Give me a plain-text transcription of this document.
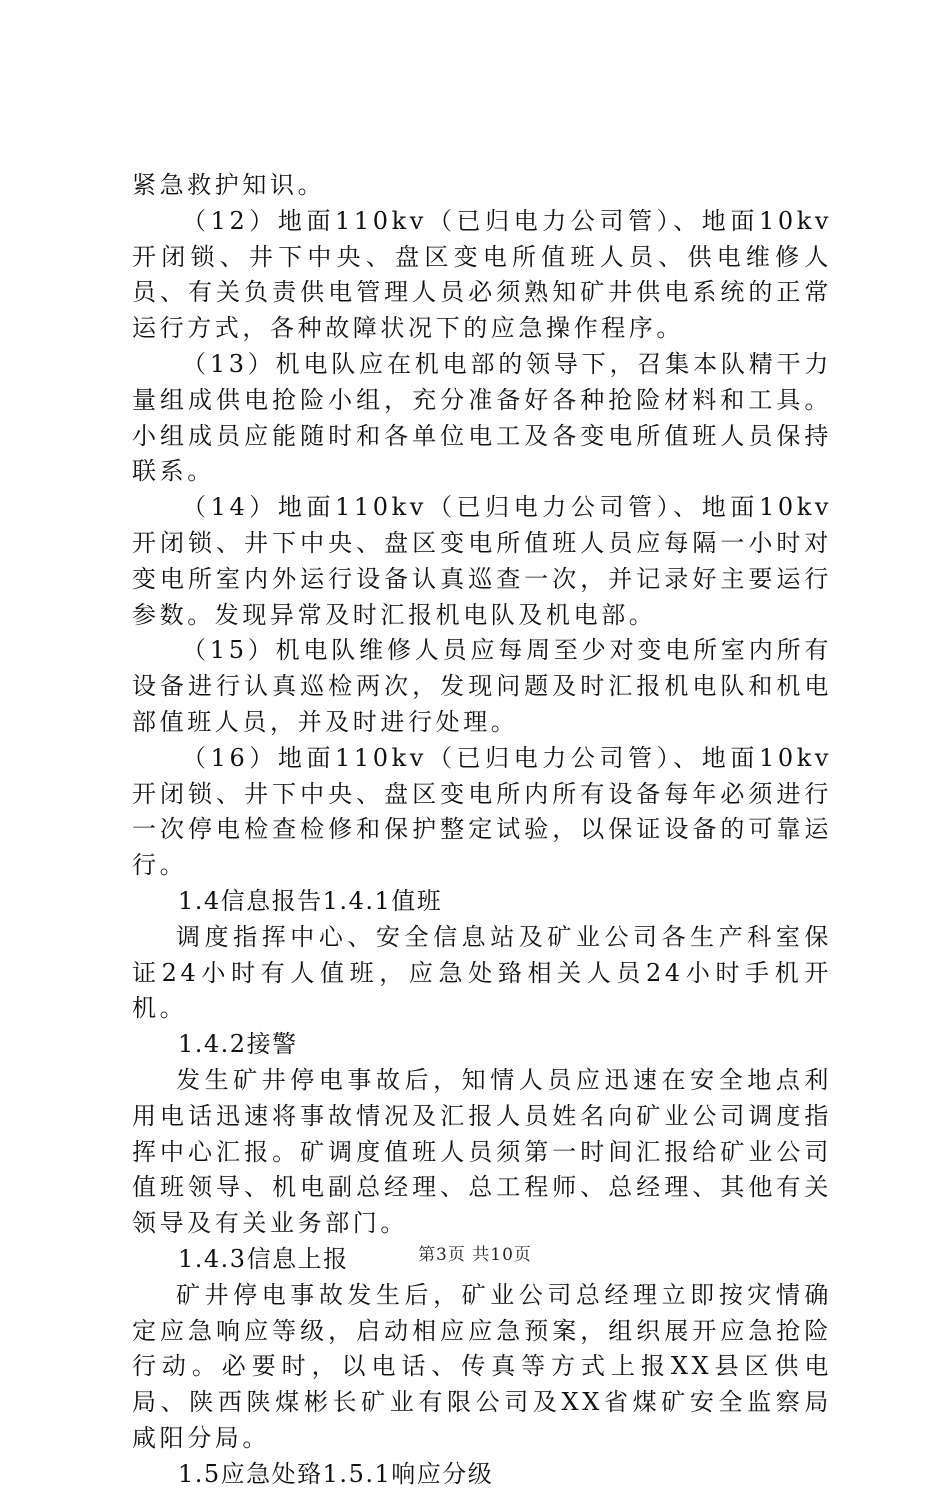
紧急救护知识。

（12）地面110kv（已归电力公司管）、地面10kv开闭锁、井下中央、盘区变电所值班人员、供电维修人员、有关负责供电管理人员必须熟知矿井供电系统的正常运行方式，各种故障状况下的应急操作程序。

（13）机电队应在机电部的领导下，召集本队精干力量组成供电抢险小组，充分准备好各种抢险材料和工具。小组成员应能随时和各单位电工及各变电所值班人员保持联系。

（14）地面110kv（已归电力公司管）、地面10kv开闭锁、井下中央、盘区变电所值班人员应每隔一小时对变电所室内外运行设备认真巡查一次，并记录好主要运行参数。发现异常及时汇报机电队及机电部。

（15）机电队维修人员应每周至少对变电所室内所有设备进行认真巡检两次，发现问题及时汇报机电队和机电部值班人员，并及时进行处理。

（16）地面110kv（已归电力公司管）、地面10kv开闭锁、井下中央、盘区变电所内所有设备每年必须进行一次停电检查检修和保护整定试验，以保证设备的可靠运行。

1.4信息报告1.4.1值班

调度指挥中心、安全信息站及矿业公司各生产科室保证24小时有人值班，应急处臵相关人员24小时手机开机。

1.4.2接警

发生矿井停电事故后，知情人员应迅速在安全地点利用电话迅速将事故情况及汇报人员姓名向矿业公司调度指挥中心汇报。矿调度值班人员须第一时间汇报给矿业公司值班领导、机电副总经理、总工程师、总经理、其他有关领导及有关业务部门。

1.4.3信息上报

矿井停电事故发生后，矿业公司总经理立即按灾情确定应急响应等级，启动相应应急预案，组织展开应急抢险行动。必要时，以电话、传真等方式上报XX县区供电局、陕西陕煤彬长矿业有限公司及XX省煤矿安全监察局咸阳分局。

1.5应急处臵1.5.1响应分级

第3页 共10页
